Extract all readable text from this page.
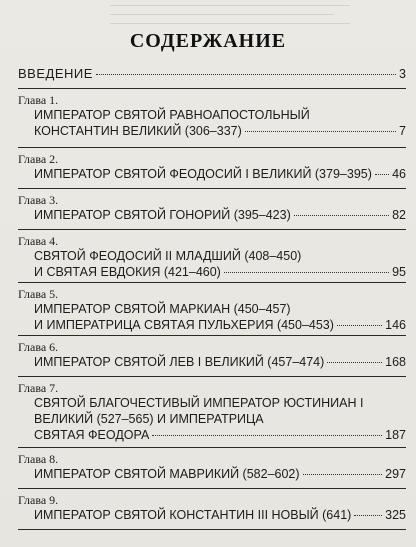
——————————————————————————————
————————————————————————————
——————————————————————————————
СОДЕРЖАНИЕ
ВВЕДЕНИЕ	3
Глава 1.
ИМПЕРАТОР СВЯТОЙ РАВНОАПОСТОЛЬНЫЙ
КОНСТАНТИН ВЕЛИКИЙ (306–337)	7
Глава 2.
ИМПЕРАТОР СВЯТОЙ ФЕОДОСИЙ I ВЕЛИКИЙ (379–395) 46
Глава 3.
ИМПЕРАТОР СВЯТОЙ ГОНОРИЙ (395–423)	82
Глава 4.
СВЯТОЙ ФЕОДОСИЙ II МЛАДШИЙ (408–450)
И СВЯТАЯ ЕВДОКИЯ (421–460)	95
Глава 5.
ИМПЕРАТОР СВЯТОЙ МАРКИАН (450–457)
И ИМПЕРАТРИЦА СВЯТАЯ ПУЛЬХЕРИЯ (450–453)	146
Глава 6.
ИМПЕРАТОР СВЯТОЙ ЛЕВ I ВЕЛИКИЙ (457–474)	168
Глава 7.
СВЯТОЙ БЛАГОЧЕСТИВЫЙ ИМПЕРАТОР ЮСТИНИАН I
ВЕЛИКИЙ (527–565) И ИМПЕРАТРИЦА
СВЯТАЯ ФЕОДОРА	187
Глава 8.
ИМПЕРАТОР СВЯТОЙ МАВРИКИЙ (582–602)	297
Глава 9.
ИМПЕРАТОР СВЯТОЙ КОНСТАНТИН III НОВЫЙ (641)	325
